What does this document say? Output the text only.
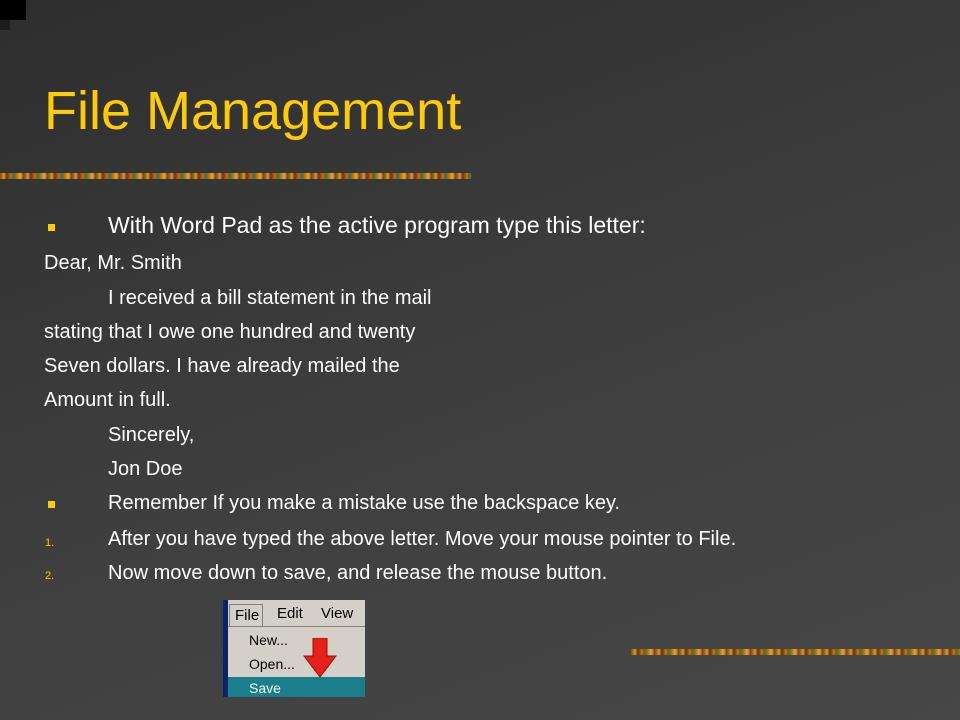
File Management
With Word Pad as the active program type this letter:
Dear, Mr. Smith
I received a bill statement in the mail
stating that I owe one hundred and twenty
Seven dollars. I have already mailed the
Amount in full.
Sincerely,
Jon Doe
Remember If you make a mistake use the backspace key.
1.	After you have typed the above letter. Move your mouse pointer to File.
2.	Now move down to save, and release the mouse button.
File Edit View
New...
Open...
Save
